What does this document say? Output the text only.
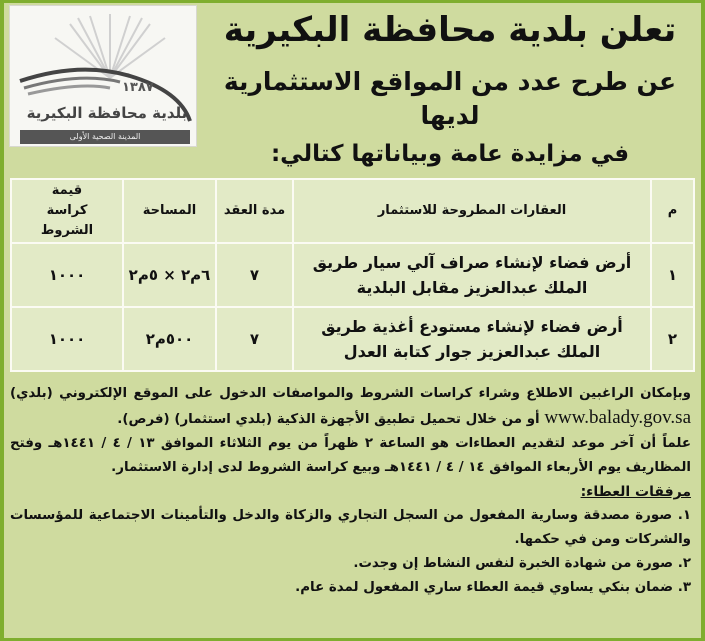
١٣٨٧
بلدية محافظة البكيرية
المدينة الصحية الأولى
تعلن بلدية محافظة البكيرية
عن طرح عدد من المواقع الاستثمارية لديها
في مزايدة عامة وبياناتها كتالي:
م	العقارات المطروحة للاستثمار	مدة العقد	المساحة	قيمة كراسة الشروط
١	أرض فضاء لإنشاء صراف آلي سيار طريق الملك عبدالعزيز مقابل البلدية	٧	٦م٢ × ٥م٢	١٠٠٠
٢	أرض فضاء لإنشاء مستودع أغذية طريق الملك عبدالعزيز جوار كتابة العدل	٧	٥٠٠م٢	١٠٠٠

وبإمكان الراغبين الاطلاع وشراء كراسات الشروط والمواصفات الدخول على الموقع الإلكتروني (بلدي) www.balady.gov.sa أو من خلال تحميل تطبيق الأجهزة الذكية (بلدي استثمار) (فرص).

علماً أن آخر موعد لتقديم العطاءات هو الساعة ٢ ظهراً من يوم الثلاثاء الموافق ١٣ / ٤ / ١٤٤١هـ وفتح المظاريف يوم الأربعاء الموافق ١٤ / ٤ / ١٤٤١هـ وبيع كراسة الشروط لدى إدارة الاستثمار.

مرفقات العطاء:

١. صورة مصدقة وسارية المفعول من السجل التجاري والزكاة والدخل والتأمينات الاجتماعية للمؤسسات والشركات ومن في حكمها.

٢. صورة من شهادة الخبرة لنفس النشاط إن وجدت.

٣. ضمان بنكي يساوي قيمة العطاء ساري المفعول لمدة عام.
